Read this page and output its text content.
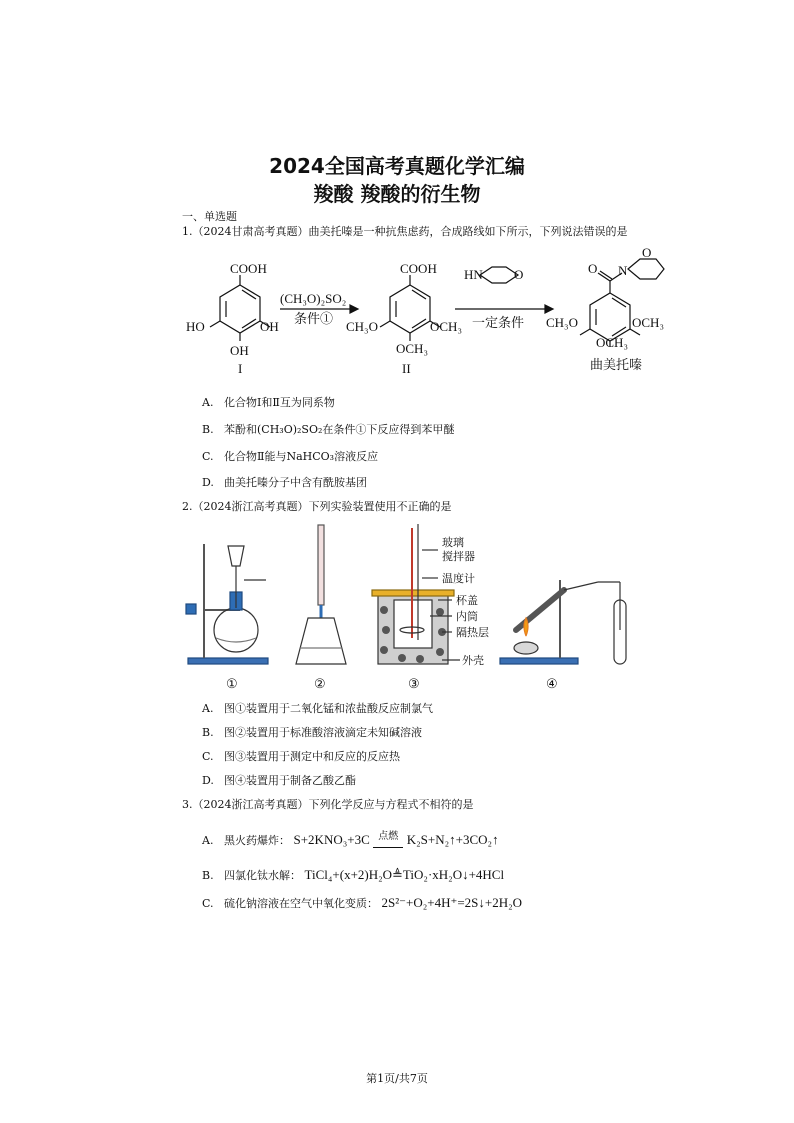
2024全国高考真题化学汇编
羧酸 羧酸的衍生物
一、单选题
1.（2024甘肃高考真题）曲美托嗪是一种抗焦虑药，合成路线如下所示，下列说法错误的是
COOH
HO	OH
OH
I
(CH₃O)₂SO₂
条件①
COOH
CH₃O	OCH₃
OCH₃
II
HN O
一定条件
O N
O
CH₃O	OCH₃
OCH₃
曲美托嗪
A. 化合物Ⅰ和Ⅱ互为同系物
B. 苯酚和(CH₃O)₂SO₂在条件①下反应得到苯甲醚
C. 化合物Ⅱ能与NaHCO₃溶液反应
D. 曲美托嗪分子中含有酰胺基团
2.（2024浙江高考真题）下列实验装置使用不正确的是
玻璃
搅拌器
温度计
杯盖
内筒
隔热层
外壳
①	②	③	④
A. 图①装置用于二氧化锰和浓盐酸反应制氯气
B. 图②装置用于标准酸溶液滴定未知碱溶液
C. 图③装置用于测定中和反应的反应热
D. 图④装置用于制备乙酸乙酯
3.（2024浙江高考真题）下列化学反应与方程式不相符的是
A. 黑火药爆炸： S+2KNO₃+3C 点燃 K₂S+N₂↑+3CO₂↑
B. 四氯化钛水解： TiCl₄+(x+2)H₂O≜TiO₂·xH₂O↓+4HCl
C. 硫化钠溶液在空气中氧化变质： 2S²⁻+O₂+4H⁺=2S↓+2H₂O
第1页/共7页
